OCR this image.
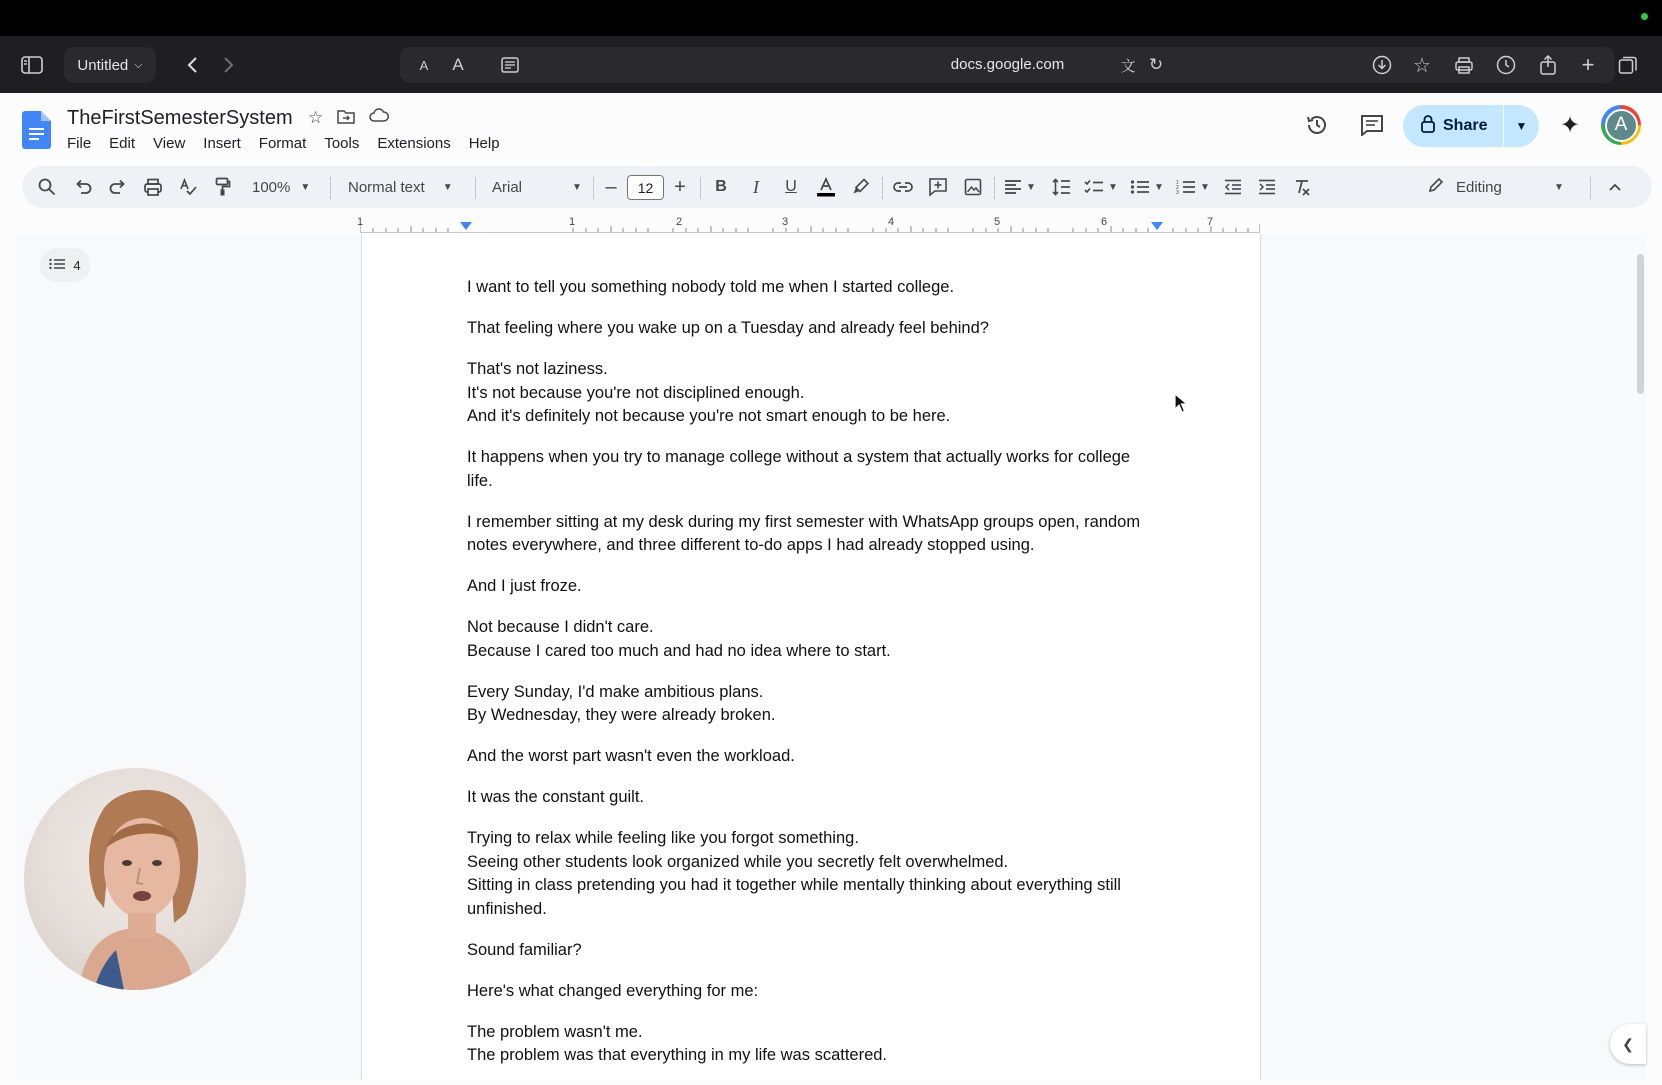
Untitled ⌵	A	A	docs.google.com	文 ↻	☆	+
TheFirstSemesterSystem ☆
File	Edit	View	Insert	Format	Tools	Extensions	Help
Share	▼	✦	A
100% ▼	Normal text ▼	Arial	▼	–	12	+	B	I	U	▼	▼	▼ 1
2
3
▼	Editing	▼
1	1	2	3	4	5	6	7
4

I want to tell you something nobody told me when I started college.

That feeling where you wake up on a Tuesday and already feel behind?

That's not laziness.
It's not because you're not disciplined enough.
And it's definitely not because you're not smart enough to be here.

It happens when you try to manage college without a system that actually works for college life.

I remember sitting at my desk during my first semester with WhatsApp groups open, random notes everywhere, and three different to-do apps I had already stopped using.

And I just froze.

Not because I didn't care.
Because I cared too much and had no idea where to start.

Every Sunday, I'd make ambitious plans.
By Wednesday, they were already broken.

And the worst part wasn't even the workload.

It was the constant guilt.

Trying to relax while feeling like you forgot something.
Seeing other students look organized while you secretly felt overwhelmed.
Sitting in class pretending you had it together while mentally thinking about everything still unfinished.

Sound familiar?

Here's what changed everything for me:

The problem wasn't me.
The problem was that everything in my life was scattered.

❮
